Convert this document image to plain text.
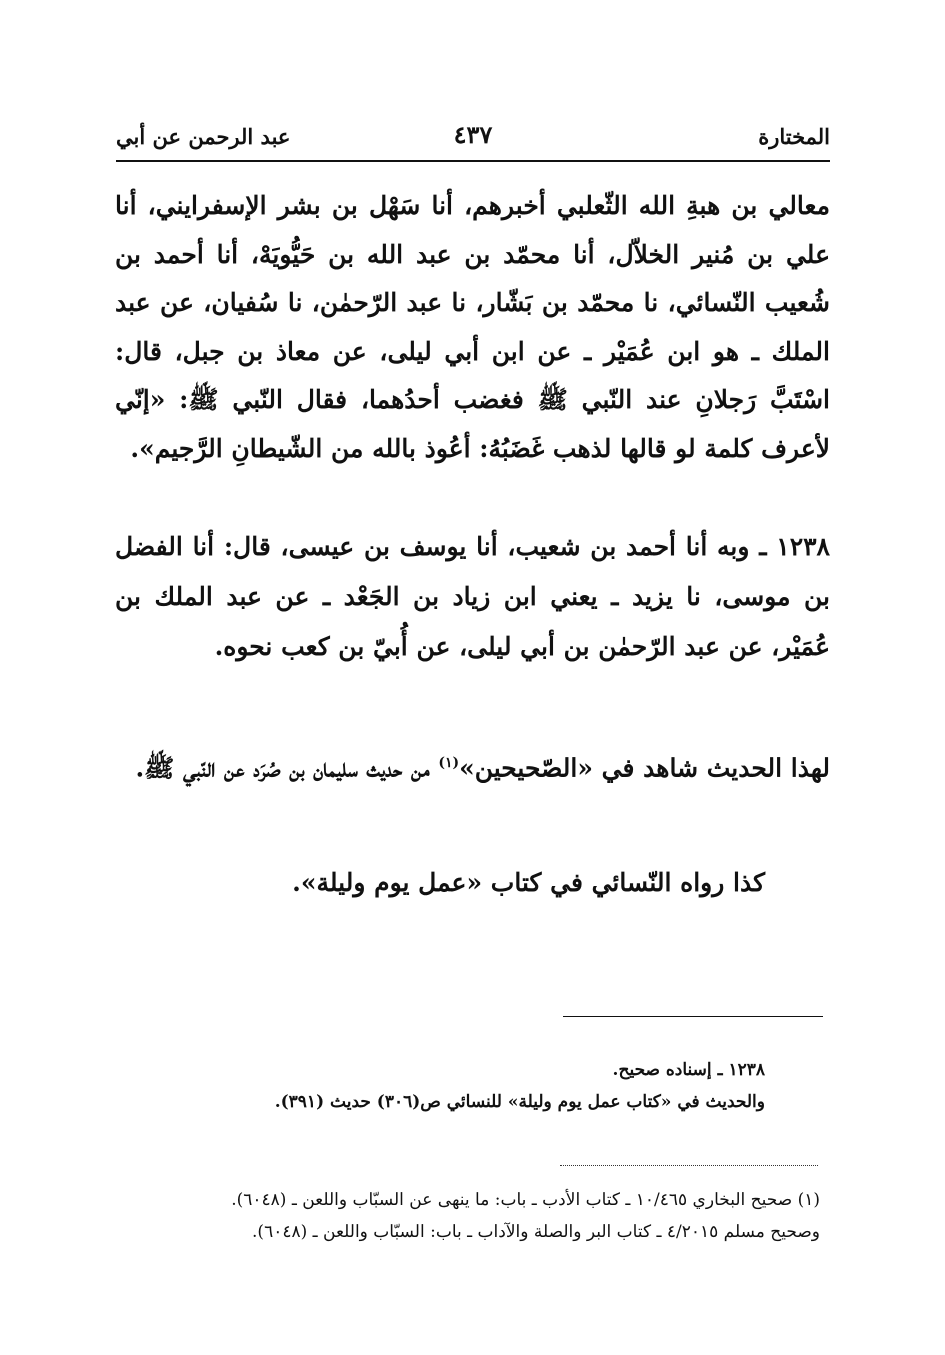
المختارة
٤٣٧
عبد الرحمن عن أبي

معالي بن هبةِ الله الثّعلبي أخبرهم، أنا سَهْل بن بشر الإسفرايني، أنا علي بن مُنير الخلاّل، أنا محمّد بن عبد الله بن حَيُّويَهْ، أنا أحمد بن شُعيب النّسائي، نا محمّد بن بَشّار، نا عبد الرّحمٰن، نا سُفيان، عن عبد الملك ـ هو ابن عُمَيْر ـ عن ابن أبي ليلى، عن معاذ بن جبل، قال: اسْتَبَّ رَجلانِ عند النّبي ﷺ فغضب أحدُهما، فقال النّبي ﷺ: «إنّي لأعرف كلمة لو قالها لذهب غَضَبُهُ: أعُوذ بالله من الشّيطانِ الرَّجيم».

١٢٣٨ ـ وبه أنا أحمد بن شعيب، أنا يوسف بن عيسى، قال: أنا الفضل بن موسى، نا يزيد ـ يعني ابن زياد بن الجَعْد ـ عن عبد الملك بن عُمَيْر، عن عبد الرّحمٰن بن أبي ليلى، عن أُبيّ بن كعب نحوه.

لهذا الحديث شاهد في «الصّحيحين»$^{(١)}$ من حديث سليمان بن صُرَد عن النّبي ﷺ.

كذا رواه النّسائي في كتاب «عمل يوم وليلة».
١٢٣٨ ـ إسناده صحيح.
والحديث في «كتاب عمل يوم وليلة» للنسائي ص(٣٠٦) حديث (٣٩١).

(١) صحيح البخاري ١٠/٤٦٥ ـ كتاب الأدب ـ باب: ما ينهى عن السبّاب واللعن ـ (٦٠٤٨).

وصحيح مسلم ٤/٢٠١٥ ـ كتاب البر والصلة والآداب ـ باب: السبّاب واللعن ـ (٦٠٤٨).
